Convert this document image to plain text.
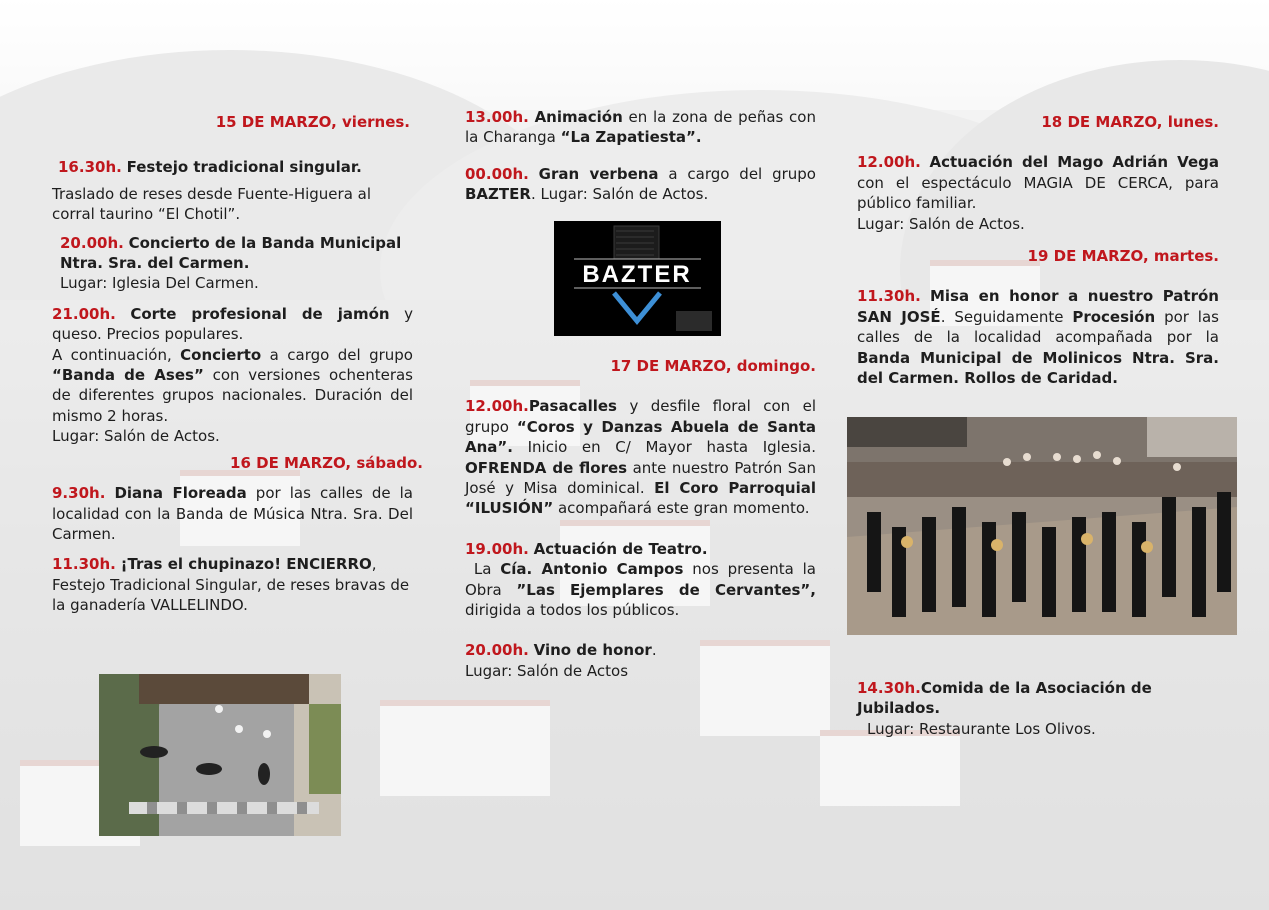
15 DE MARZO, viernes.

16.30h. Festejo tradicional singular.

Traslado de reses desde Fuente-Higuera al corral taurino “El Chotil”.

20.00h. Concierto de la Banda Municipal Ntra. Sra. del Carmen.

Lugar: Iglesia Del Carmen.

21.00h. Corte profesional de jamón y queso. Precios populares.

A continuación, Concierto a cargo del grupo “Banda de Ases” con versiones ochenteras de diferentes grupos nacionales. Duración del mismo 2 horas.

Lugar: Salón de Actos.

16 DE MARZO, sábado.

9.30h. Diana Floreada por las calles de la localidad con la Banda de Música Ntra. Sra. Del Carmen.

11.30h. ¡Tras el chupinazo! ENCIERRO, Festejo Tradicional Singular, de reses bravas de la ganadería VALLELINDO.

13.00h. Animación en la zona de peñas con la Charanga “La Zapatiesta”.

00.00h. Gran verbena a cargo del grupo BAZTER. Lugar: Salón de Actos.

BAZTER

17 DE MARZO, domingo.

12.00h.Pasacalles y desfile floral con el grupo “Coros y Danzas Abuela de Santa Ana”. Inicio en C/ Mayor hasta Iglesia. OFRENDA de flores ante nuestro Patrón San José y Misa dominical. El Coro Parroquial “ILUSIÓN” acompañará este gran momento.

19.00h. Actuación de Teatro.
La Cía. Antonio Campos nos presenta la Obra ”Las Ejemplares de Cervantes”, dirigida a todos los públicos.

20.00h. Vino de honor.

Lugar: Salón de Actos

18 DE MARZO, lunes.

12.00h. Actuación del Mago Adrián Vega con el espectáculo MAGIA DE CERCA, para público familiar.

Lugar: Salón de Actos.

19 DE MARZO, martes.

11.30h. Misa en honor a nuestro Patrón SAN JOSÉ. Seguidamente Procesión por las calles de la localidad acompañada por la Banda Municipal de Molinicos Ntra. Sra. del Carmen. Rollos de Caridad.

14.30h.Comida de la Asociación de Jubilados.

Lugar: Restaurante Los Olivos.
